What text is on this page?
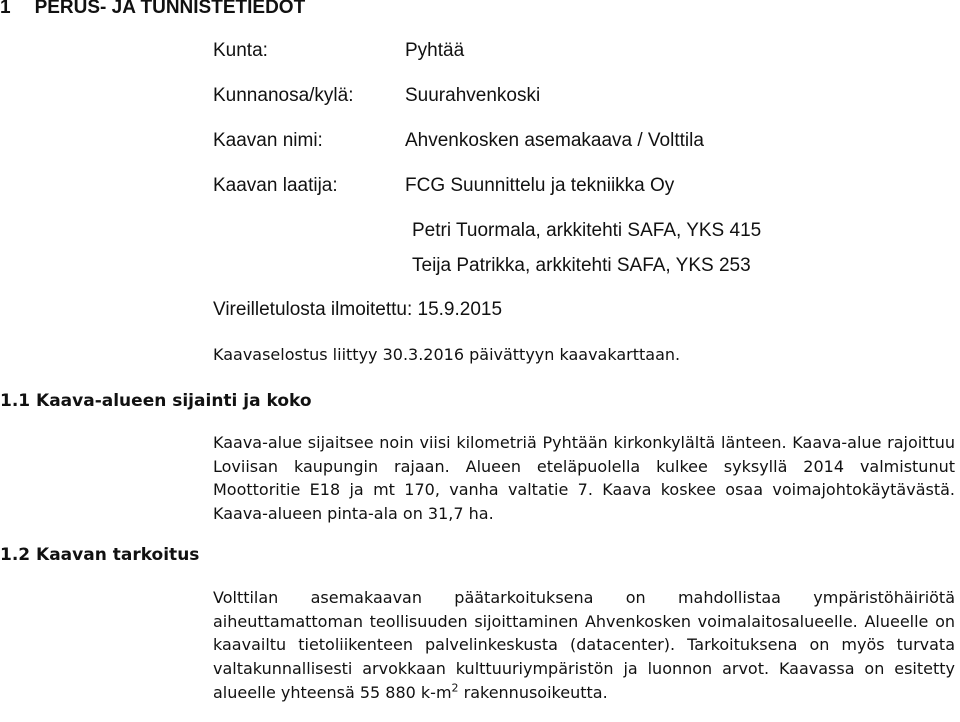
1 PERUS- JA TUNNISTETIEDOT
Kunta:
Kunnanosa/kylä:
Kaavan nimi:
Kaavan laatija:
Pyhtää
Suurahvenkoski
Ahvenkosken asemakaava / Volttila
FCG Suunnittelu ja tekniikka Oy
Petri Tuormala, arkkitehti SAFA, YKS 415
Teija Patrikka, arkkitehti SAFA, YKS 253
Vireilletulosta ilmoitettu: 15.9.2015
Kaavaselostus liittyy 30.3.2016 päivättyyn kaavakarttaan.
1.1 Kaava-alueen sijainti ja koko

Kaava-alue sijaitsee noin viisi kilometriä Pyhtään kirkonkylältä länteen. Kaava-alue rajoittuu Loviisan kaupungin rajaan. Alueen eteläpuolella kulkee syksyllä 2014 valmistunut Moottoritie E18 ja mt 170, vanha valtatie 7. Kaava koskee osaa voimajohtokäytävästä. Kaava-alueen pinta-ala on 31,7 ha.

1.2 Kaavan tarkoitus

Volttilan asemakaavan päätarkoituksena on mahdollistaa ympäristöhäiriötä aiheuttamattoman teollisuuden sijoittaminen Ahvenkosken voimalaitosalueelle. Alueelle on kaavailtu tietoliikenteen palvelinkeskusta (datacenter). Tarkoituksena on myös turvata valtakunnallisesti arvokkaan kulttuuriympäristön ja luonnon arvot. Kaavassa on esitetty alueelle yhteensä 55 880 $k-m^2$ rakennusoikeutta.
